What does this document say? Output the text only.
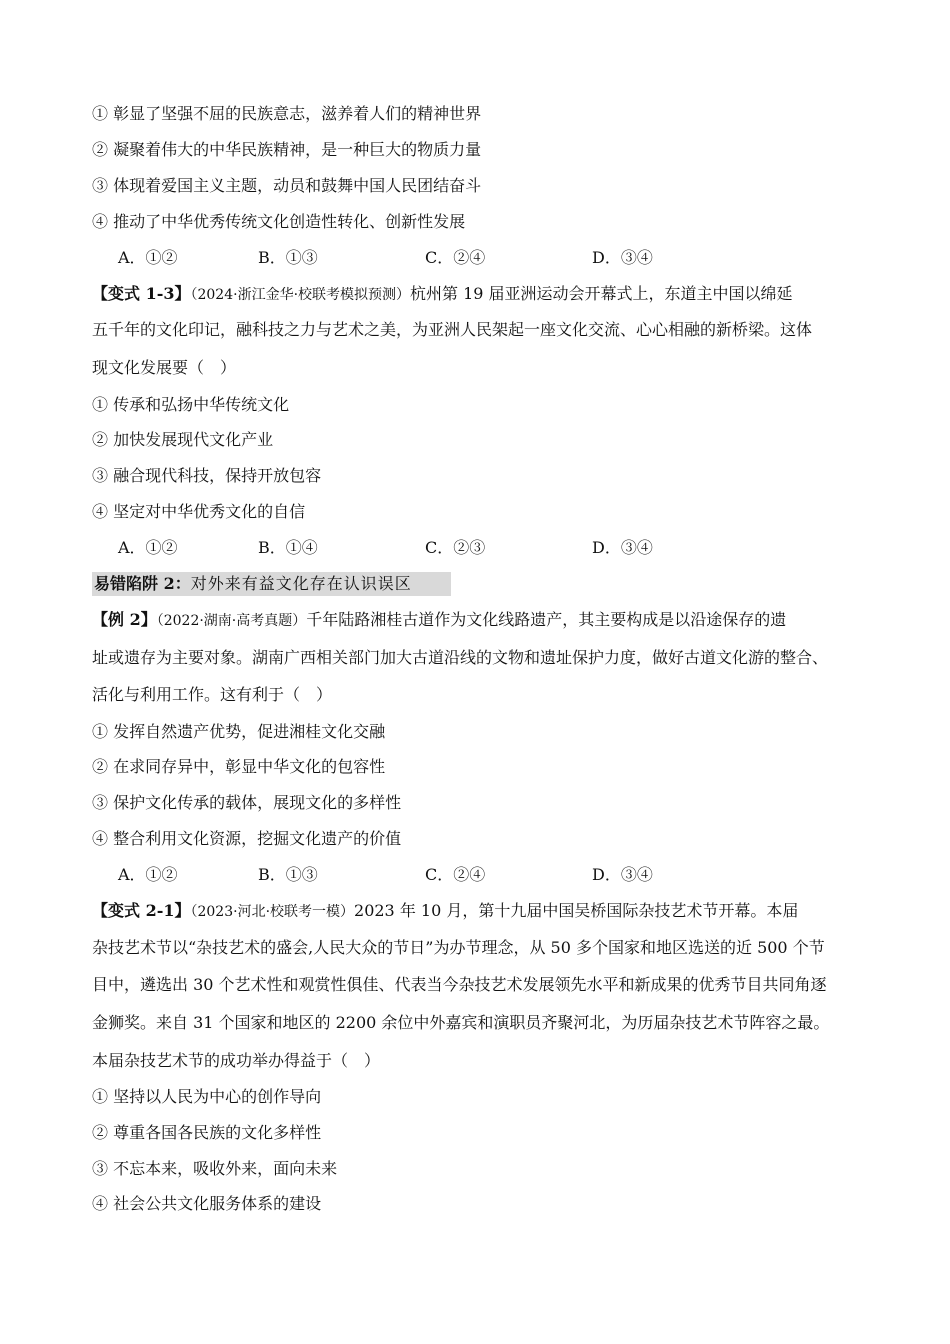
① 彰显了坚强不屈的民族意志，滋养着人们的精神世界
② 凝聚着伟大的中华民族精神，是一种巨大的物质力量
③ 体现着爱国主义主题，动员和鼓舞中国人民团结奋斗
④ 推动了中华优秀传统文化创造性转化、创新性发展
A．①②	B．①③	C．②④	D．③④
【变式 1-3】（2024·浙江金华·校联考模拟预测）杭州第 19 届亚洲运动会开幕式上，东道主中国以绵延
五千年的文化印记，融科技之力与艺术之美，为亚洲人民架起一座文化交流、心心相融的新桥梁。这体
现文化发展要（　）
① 传承和弘扬中华传统文化
② 加快发展现代文化产业
③ 融合现代科技，保持开放包容
④ 坚定对中华优秀文化的自信
A．①②	B．①④	C．②③	D．③④
易错陷阱 2：对外来有益文化存在认识误区
【例 2】（2022·湖南·高考真题）千年陆路湘桂古道作为文化线路遗产，其主要构成是以沿途保存的遗
址或遗存为主要对象。湖南广西相关部门加大古道沿线的文物和遗址保护力度，做好古道文化游的整合、
活化与利用工作。这有利于（　）
① 发挥自然遗产优势，促进湘桂文化交融
② 在求同存异中，彰显中华文化的包容性
③ 保护文化传承的载体，展现文化的多样性
④ 整合利用文化资源，挖掘文化遗产的价值
A．①②	B．①③	C．②④	D．③④
【变式 2-1】（2023·河北·校联考一模）2023 年 10 月，第十九届中国吴桥国际杂技艺术节开幕。本届
杂技艺术节以“杂技艺术的盛会,人民大众的节日”为办节理念，从 50 多个国家和地区选送的近 500 个节
目中，遴选出 30 个艺术性和观赏性俱佳、代表当今杂技艺术发展领先水平和新成果的优秀节目共同角逐
金狮奖。来自 31 个国家和地区的 2200 余位中外嘉宾和演职员齐聚河北，为历届杂技艺术节阵容之最。
本届杂技艺术节的成功举办得益于（　）
① 坚持以人民为中心的创作导向
② 尊重各国各民族的文化多样性
③ 不忘本来，吸收外来，面向未来
④ 社会公共文化服务体系的建设
